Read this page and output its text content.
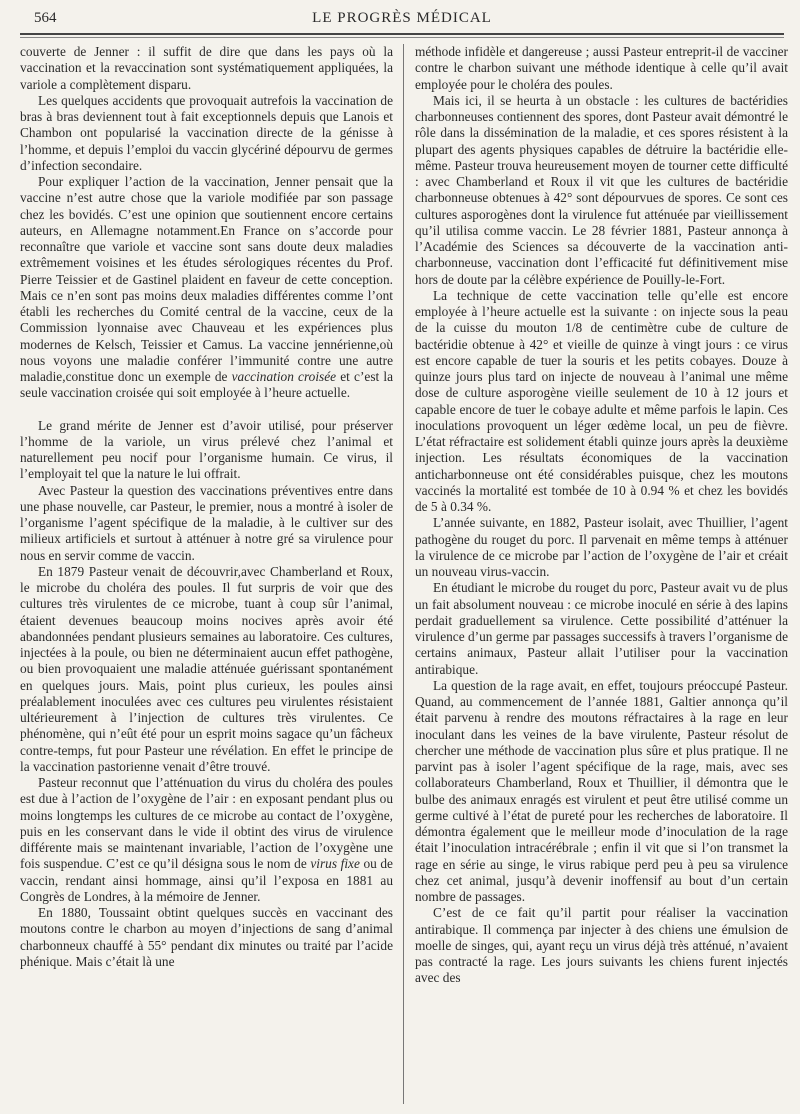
564	LE PROGRÈS MÉDICAL

couverte de Jenner : il suffit de dire que dans les pays où la vaccination et la revaccination sont systématiquement appliquées, la variole a complètement disparu.

Les quelques accidents que provoquait autrefois la vaccination de bras à bras deviennent tout à fait exceptionnels depuis que Lanois et Chambon ont popularisé la vaccination directe de la génisse à l’homme, et depuis l’emploi du vaccin glycériné dépourvu de germes d’infection secondaire.

Pour expliquer l’action de la vaccination, Jenner pensait que la vaccine n’est autre chose que la variole modifiée par son passage chez les bovidés. C’est une opinion que soutiennent encore certains auteurs, en Allemagne notamment.En France on s’accorde pour reconnaître que variole et vaccine sont sans doute deux maladies extrêmement voisines et les études sérologiques récentes du Prof. Pierre Teissier et de Gastinel plaident en faveur de cette conception. Mais ce n’en sont pas moins deux maladies différentes comme l’ont établi les recherches du Comité central de la vaccine, ceux de la Commission lyonnaise avec Chauveau et les expériences plus modernes de Kelsch, Teissier et Camus. La vaccine jennérienne,où nous voyons une maladie conférer l’immunité contre une autre maladie,constitue donc un exemple de vaccination croisée et c’est la seule vaccination croisée qui soit employée à l’heure actuelle.

Le grand mérite de Jenner est d’avoir utilisé, pour préserver l’homme de la variole, un virus prélevé chez l’animal et naturellement peu nocif pour l’organisme humain. Ce virus, il l’employait tel que la nature le lui offrait.

Avec Pasteur la question des vaccinations préventives entre dans une phase nouvelle, car Pasteur, le premier, nous a montré à isoler de l’organisme l’agent spécifique de la maladie, à le cultiver sur des milieux artificiels et surtout à atténuer à notre gré sa virulence pour nous en servir comme de vaccin.

En 1879 Pasteur venait de découvrir,avec Chamberland et Roux, le microbe du choléra des poules. Il fut surpris de voir que des cultures très virulentes de ce microbe, tuant à coup sûr l’animal, étaient devenues beaucoup moins nocives après avoir été abandonnées pendant plusieurs semaines au laboratoire. Ces cultures, injectées à la poule, ou bien ne déterminaient aucun effet pathogène, ou bien provoquaient une maladie atténuée guérissant spontanément en quelques jours. Mais, point plus curieux, les poules ainsi préalablement inoculées avec ces cultures peu virulentes résistaient ultérieurement à l’injection de cultures très virulentes. Ce phénomène, qui n’eût été pour un esprit moins sagace qu’un fâcheux contre-temps, fut pour Pasteur une révélation. En effet le principe de la vaccination pastorienne venait d’être trouvé.

Pasteur reconnut que l’atténuation du virus du choléra des poules est due à l’action de l’oxygène de l’air : en exposant pendant plus ou moins longtemps les cultures de ce microbe au contact de l’oxygène, puis en les conservant dans le vide il obtint des virus de virulence différente mais se maintenant invariable, l’action de l’oxygène une fois suspendue. C’est ce qu’il désigna sous le nom de virus fixe ou de vaccin, rendant ainsi hommage, ainsi qu’il l’exposa en 1881 au Congrès de Londres, à la mémoire de Jenner.

En 1880, Toussaint obtint quelques succès en vaccinant des moutons contre le charbon au moyen d’injections de sang d’animal charbonneux chauffé à 55° pendant dix minutes ou traité par l’acide phénique. Mais c’était là une

méthode infidèle et dangereuse ; aussi Pasteur entreprit-il de vacciner contre le charbon suivant une méthode identique à celle qu’il avait employée pour le choléra des poules.

Mais ici, il se heurta à un obstacle : les cultures de bactéridies charbonneuses contiennent des spores, dont Pasteur avait démontré le rôle dans la dissémination de la maladie, et ces spores résistent à la plupart des agents physiques capables de détruire la bactéridie elle-même. Pasteur trouva heureusement moyen de tourner cette difficulté : avec Chamberland et Roux il vit que les cultures de bactéridie charbonneuse obtenues à 42° sont dépourvues de spores. Ce sont ces cultures asporogènes dont la virulence fut atténuée par vieillissement qu’il utilisa comme vaccin. Le 28 février 1881, Pasteur annonça à l’Académie des Sciences sa découverte de la vaccination anti-charbonneuse, vaccination dont l’efficacité fut définitivement mise hors de doute par la célèbre expérience de Pouilly-le-Fort.

La technique de cette vaccination telle qu’elle est encore employée à l’heure actuelle est la suivante : on injecte sous la peau de la cuisse du mouton 1/8 de centimètre cube de culture de bactéridie obtenue à 42° et vieille de quinze à vingt jours : ce virus est encore capable de tuer la souris et les petits cobayes. Douze à quinze jours plus tard on injecte de nouveau à l’animal une même dose de culture asporogène vieille seulement de 10 à 12 jours et capable encore de tuer le cobaye adulte et même parfois le lapin. Ces inoculations provoquent un léger œdème local, un peu de fièvre. L’état réfractaire est solidement établi quinze jours après la deuxième injection. Les résultats économiques de la vaccination anticharbonneuse ont été considérables puisque, chez les moutons vaccinés la mortalité est tombée de 10 à 0.94 % et chez les bovidés de 5 à 0.34 %.

L’année suivante, en 1882, Pasteur isolait, avec Thuillier, l’agent pathogène du rouget du porc. Il parvenait en même temps à atténuer la virulence de ce microbe par l’action de l’oxygène de l’air et créait un nouveau virus-vaccin.

En étudiant le microbe du rouget du porc, Pasteur avait vu de plus un fait absolument nouveau : ce microbe inoculé en série à des lapins perdait graduellement sa virulence. Cette possibilité d’atténuer la virulence d’un germe par passages successifs à travers l’organisme de certains animaux, Pasteur allait l’utiliser pour la vaccination antirabique.

La question de la rage avait, en effet, toujours préoccupé Pasteur. Quand, au commencement de l’année 1881, Galtier annonça qu’il était parvenu à rendre des moutons réfractaires à la rage en leur inoculant dans les veines de la bave virulente, Pasteur résolut de chercher une méthode de vaccination plus sûre et plus pratique. Il ne parvint pas à isoler l’agent spécifique de la rage, mais, avec ses collaborateurs Chamberland, Roux et Thuillier, il démontra que le bulbe des animaux enragés est virulent et peut être utilisé comme un germe cultivé à l’état de pureté pour les recherches de laboratoire. Il démontra également que le meilleur mode d’inoculation de la rage était l’inoculation intracérébrale ; enfin il vit que si l’on transmet la rage en série au singe, le virus rabique perd peu à peu sa virulence chez cet animal, jusqu’à devenir inoffensif au bout d’un certain nombre de passages.

C’est de ce fait qu’il partit pour réaliser la vaccination antirabique. Il commença par injecter à des chiens une émulsion de moelle de singes, qui, ayant reçu un virus déjà très atténué, n’avaient pas contracté la rage. Les jours suivants les chiens furent injectés avec des
